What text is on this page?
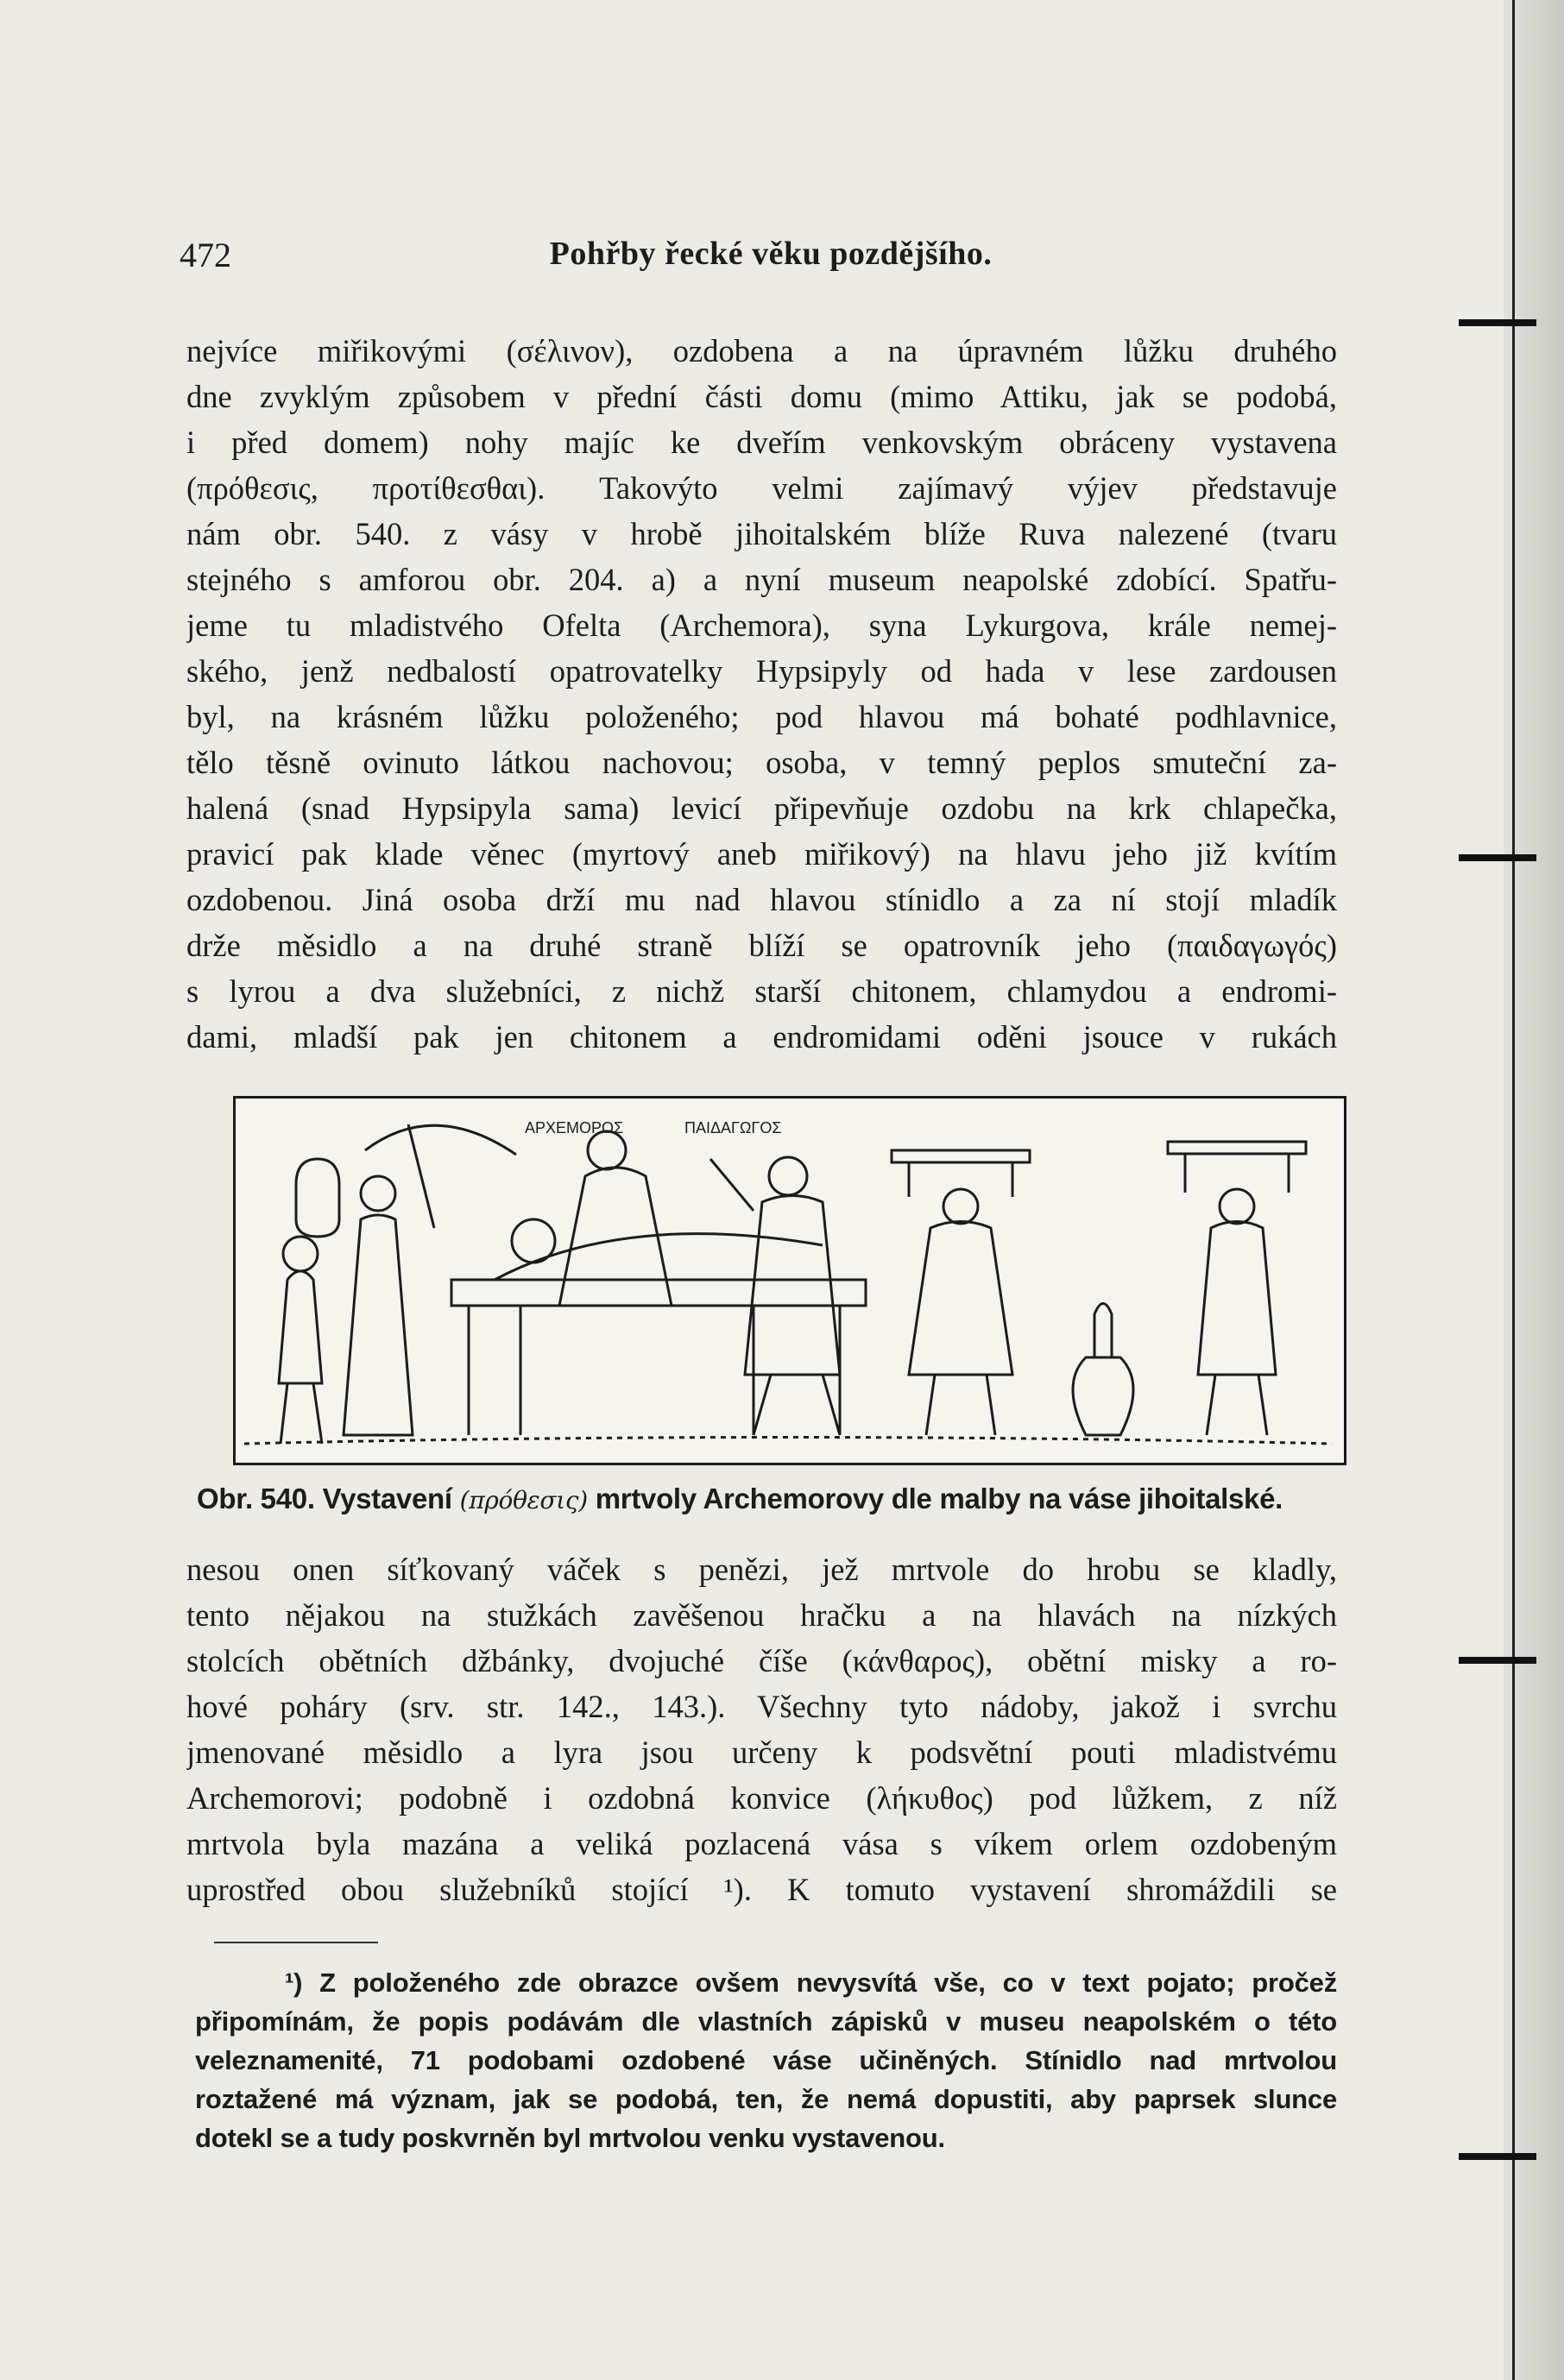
472	Pohřby řecké věku pozdějšího.
nejvíce miřikovými (σέλινον), ozdobena a na úpravném lůžku druhého
dne zvyklým způsobem v přední části domu (mimo Attiku, jak se podobá,
i před domem) nohy majíc ke dveřím venkovským obráceny vystavena
(πρόθεσις, προτίθεσθαι). Takovýto velmi zajímavý výjev představuje
nám obr. 540. z vásy v hrobě jihoitalském blíže Ruva nalezené (tvaru
stejného s amforou obr. 204. a) a nyní museum neapolské zdobící. Spatřu-
jeme tu mladistvého Ofelta (Archemora), syna Lykurgova, krále nemej-
ského, jenž nedbalostí opatrovatelky Hypsipyly od hada v lese zardousen
byl, na krásném lůžku položeného; pod hlavou má bohaté podhlavnice,
tělo těsně ovinuto látkou nachovou; osoba, v temný peplos smuteční za-
halená (snad Hypsipyla sama) levicí připevňuje ozdobu na krk chlapečka,
pravicí pak klade věnec (myrtový aneb miřikový) na hlavu jeho již kvítím
ozdobenou. Jiná osoba drží mu nad hlavou stínidlo a za ní stojí mladík
drže měsidlo a na druhé straně blíží se opatrovník jeho (παιδαγωγός)
s lyrou a dva služebníci, z nichž starší chitonem, chlamydou a endromi-
dami, mladší pak jen chitonem a endromidami oděni jsouce v rukách
ΑΡΧΕΜΟΡΟΣ	ΠΑΙΔΑΓΩΓΟΣ
Obr. 540. Vystavení (πρόθεσις) mrtvoly Archemorovy dle malby na váse jihoitalské.
nesou onen síťkovaný váček s penězi, jež mrtvole do hrobu se kladly,
tento nějakou na stužkách zavěšenou hračku a na hlavách na nízkých
stolcích obětních džbánky, dvojuché číše (κάνθαρος), obětní misky a ro-
hové poháry (srv. str. 142., 143.). Všechny tyto nádoby, jakož i svrchu
jmenované měsidlo a lyra jsou určeny k podsvětní pouti mladistvému
Archemorovi; podobně i ozdobná konvice (λήκυθος) pod lůžkem, z níž
mrtvola byla mazána a veliká pozlacená vása s víkem orlem ozdobeným
uprostřed obou služebníků stojící ¹). K tomuto vystavení shromáždili se
¹) Z položeného zde obrazce ovšem nevysvítá vše, co v text pojato; pročež
připomínám, že popis podávám dle vlastních zápisků v museu neapolském o této
veleznamenité, 71 podobami ozdobené váse učiněných. Stínidlo nad mrtvolou
roztažené má význam, jak se podobá, ten, že nemá dopustiti, aby paprsek slunce
dotekl se a tudy poskvrněn byl mrtvolou venku vystavenou.
